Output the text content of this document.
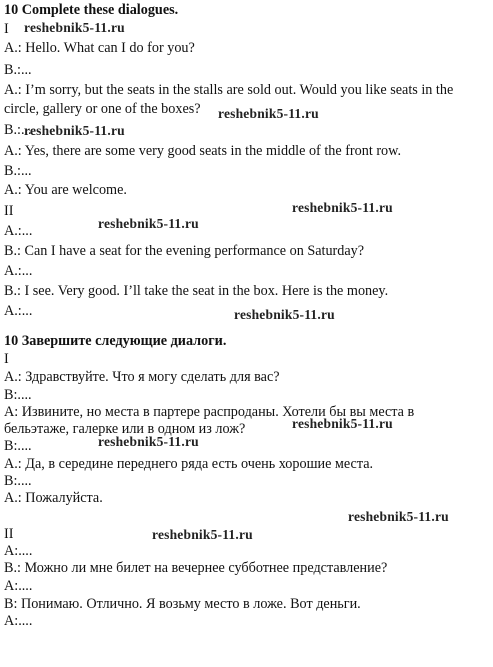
10 Complete these dialogues.
I
A.: Hello. What can I do for you?
B.:...
A.: I’m sorry, but the seats in the stalls are sold out. Would you like seats in the
circle, gallery or one of the boxes?
B.:...
A.: Yes, there are some very good seats in the middle of the front row.
B.:...
A.: You are welcome.
II
A.:...
B.: Can I have a seat for the evening performance on Saturday?
A.:...
B.: I see. Very good. I’ll take the seat in the box. Here is the money.
A.:...
10 Завершите следующие диалоги.
I
А.: Здравствуйте. Что я могу сделать для вас?
В:....
А: Извините, но места в партере распроданы. Хотели бы вы места в
бельэтаже, галерке или в одном из лож?
В:....
А.: Да, в середине переднего ряда есть очень хорошие места.
В:....
А.: Пожалуйста.
II
А:....
В.: Можно ли мне билет на вечернее субботнее представление?
А:....
В: Понимаю. Отлично. Я возьму место в ложе. Вот деньги.
А:....
reshebnik5-11.ru
reshebnik5-11.ru
reshebnik5-11.ru
reshebnik5-11.ru
reshebnik5-11.ru
reshebnik5-11.ru
reshebnik5-11.ru
reshebnik5-11.ru
reshebnik5-11.ru
reshebnik5-11.ru
